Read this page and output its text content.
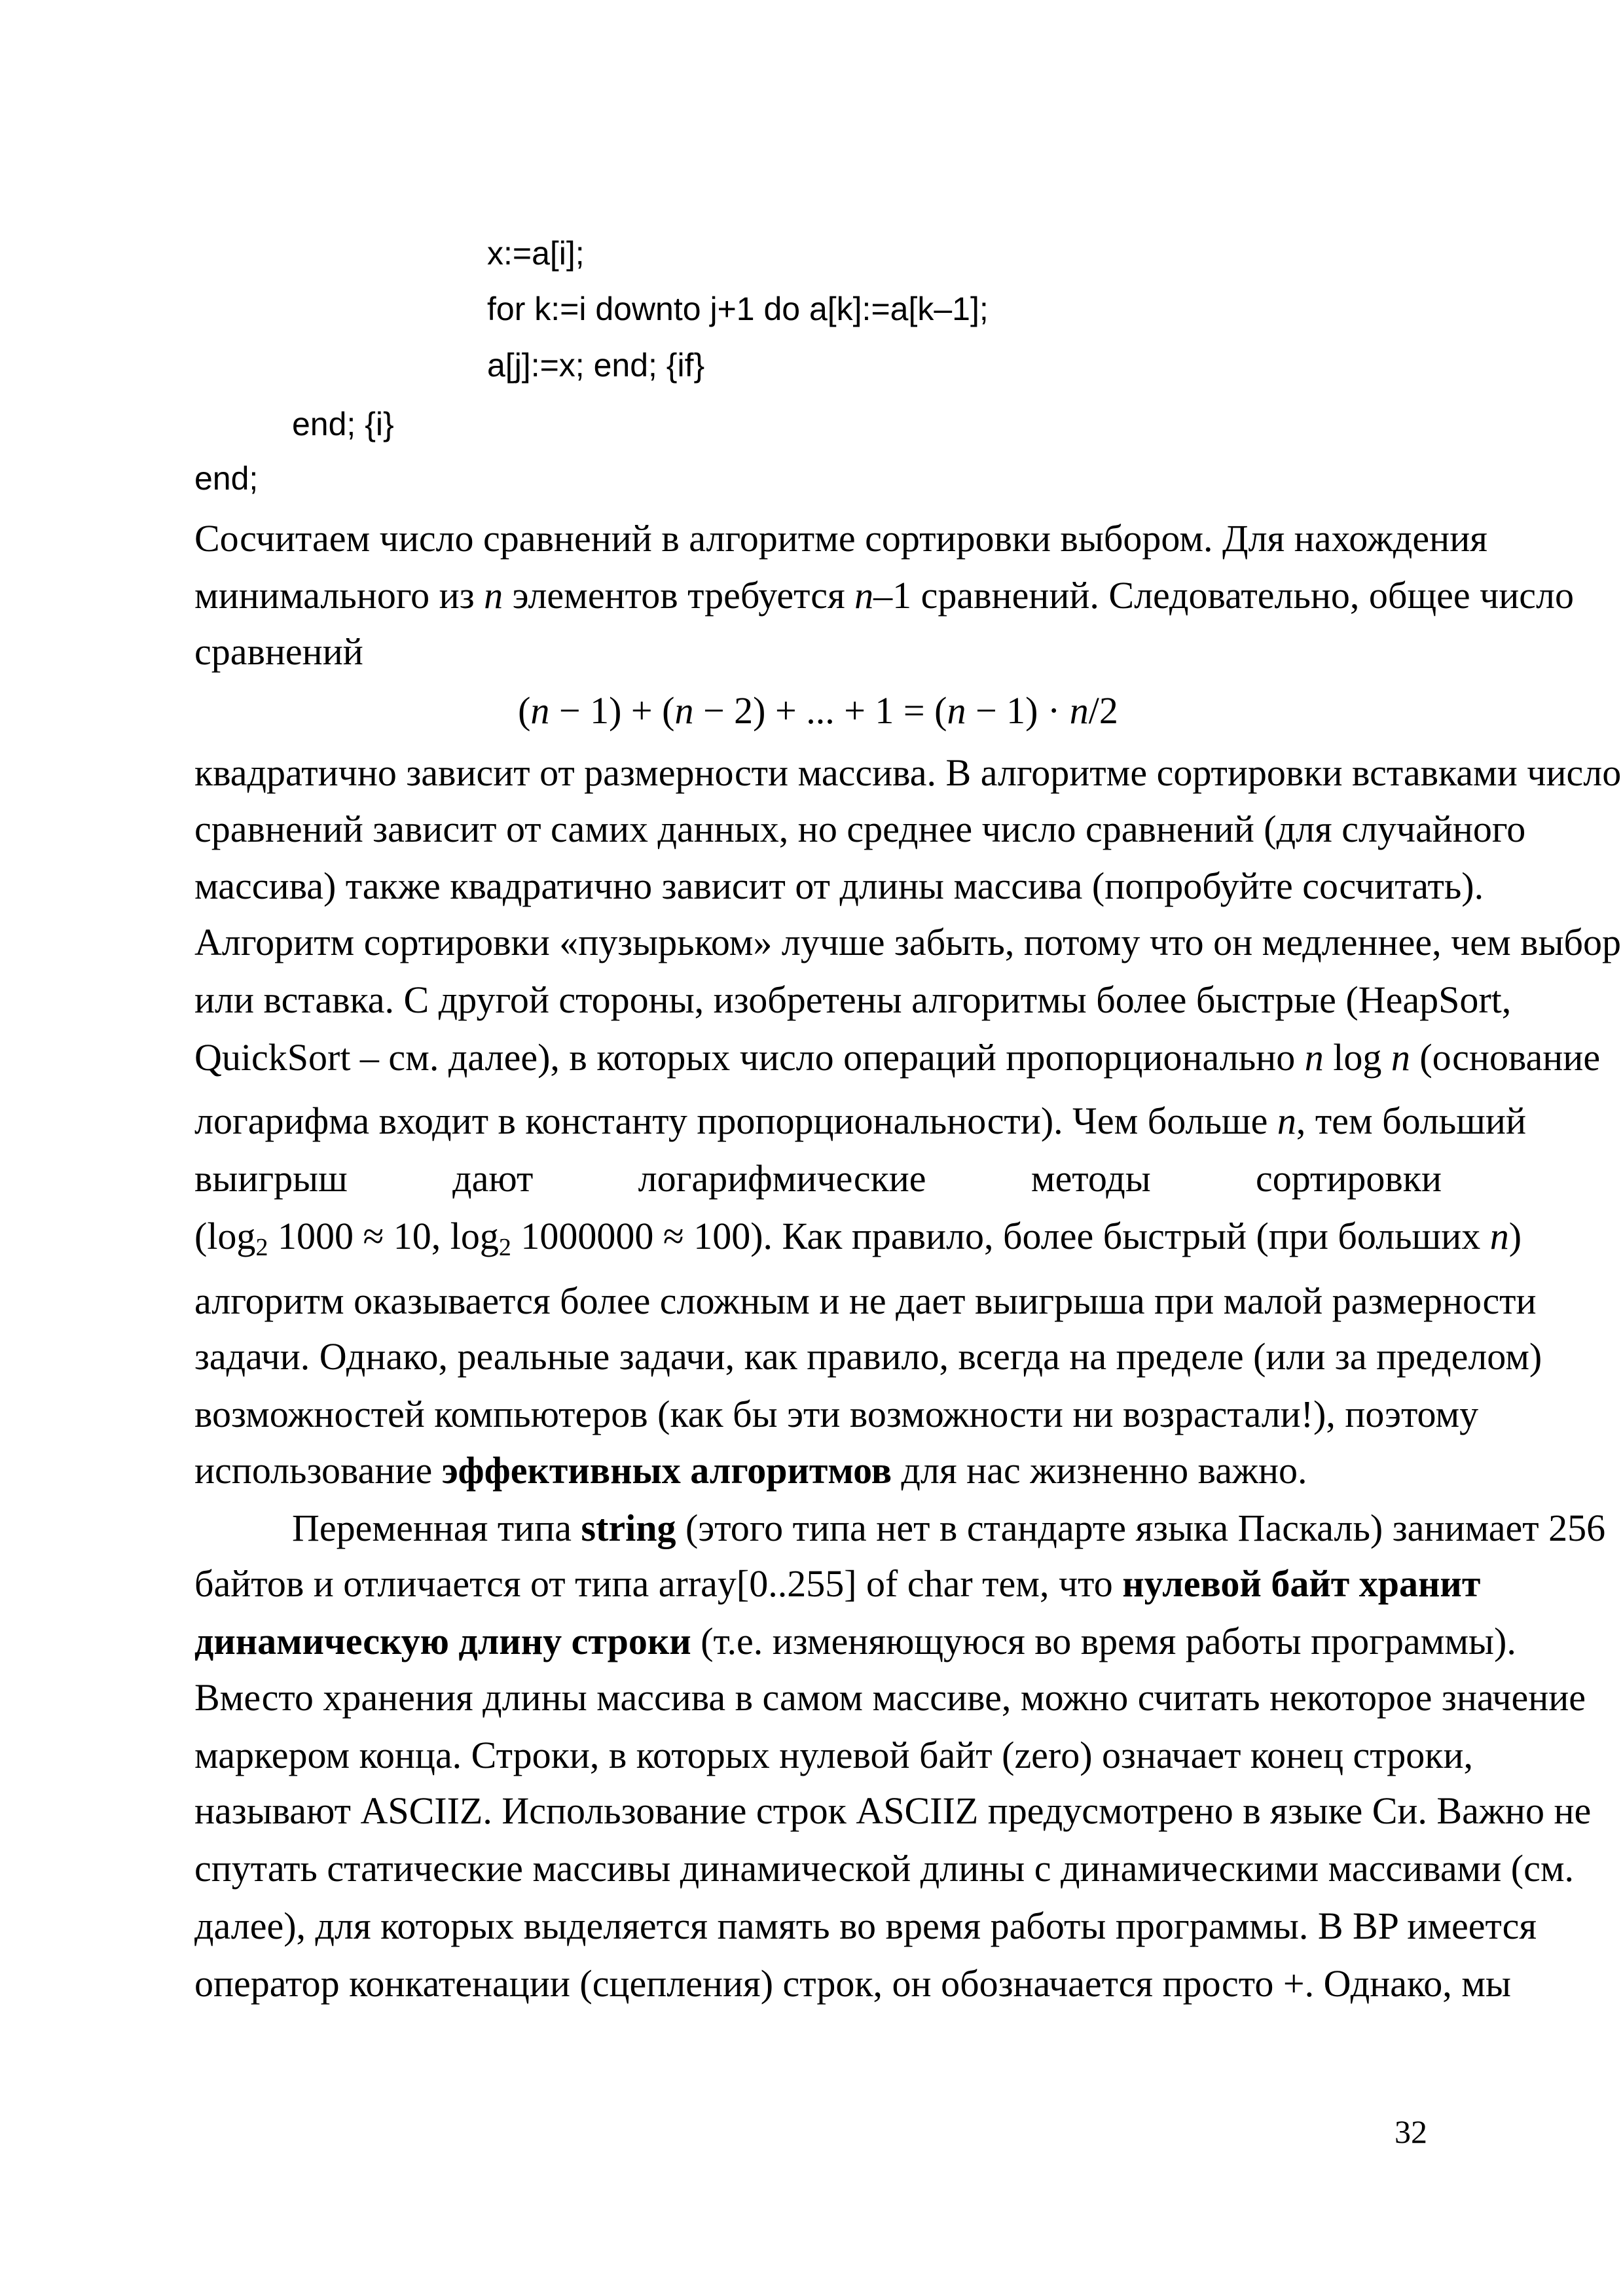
x:=a[i];
for k:=i downto j+1 do a[k]:=a[k–1];
a[j]:=x; end; {if}
end; {i}
end;
Сосчитаем число сравнений в алгоритме сортировки выбором. Для нахождения
минимального из n элементов требуется n–1 сравнений. Следовательно, общее число
сравнений
(n − 1) + (n − 2) + ... + 1 = (n − 1) · n/2
квадратично зависит от размерности массива. В алгоритме сортировки вставками число
сравнений зависит от самих данных, но среднее число сравнений (для случайного
массива) также квадратично зависит от длины массива (попробуйте сосчитать).
Алгоритм сортировки «пузырьком» лучше забыть, потому что он медленнее, чем выбор
или вставка. С другой стороны, изобретены алгоритмы более быстрые (HeapSort,
QuickSort – см. далее), в которых число операций пропорционально n log n (основание
логарифма входит в константу пропорциональности). Чем больше n, тем больший
выигрыш дают логарифмические методы сортировки
($\log_2$ 1000 ≈ 10, $\log_2 1000000 \approx 100$). Как правило, более быстрый (при больших n)
алгоритм оказывается более сложным и не дает выигрыша при малой размерности
задачи. Однако, реальные задачи, как правило, всегда на пределе (или за пределом)
возможностей компьютеров (как бы эти возможности ни возрастали!), поэтому
использование эффективных алгоритмов для нас жизненно важно.
Переменная типа string (этого типа нет в стандарте языка Паскаль) занимает 256
байтов и отличается от типа array[0..255] of char тем, что нулевой байт хранит
динамическую длину строки (т.е. изменяющуюся во время работы программы).
Вместо хранения длины массива в самом массиве, можно считать некоторое значение
маркером конца. Строки, в которых нулевой байт (zero) означает конец строки,
называют ASCIIZ. Использование строк ASCIIZ предусмотрено в языке Си. Важно не
спутать статические массивы динамической длины с динамическими массивами (см.
далее), для которых выделяется память во время работы программы. В BP имеется
оператор конкатенации (сцепления) строк, он обозначается просто +. Однако, мы
32
